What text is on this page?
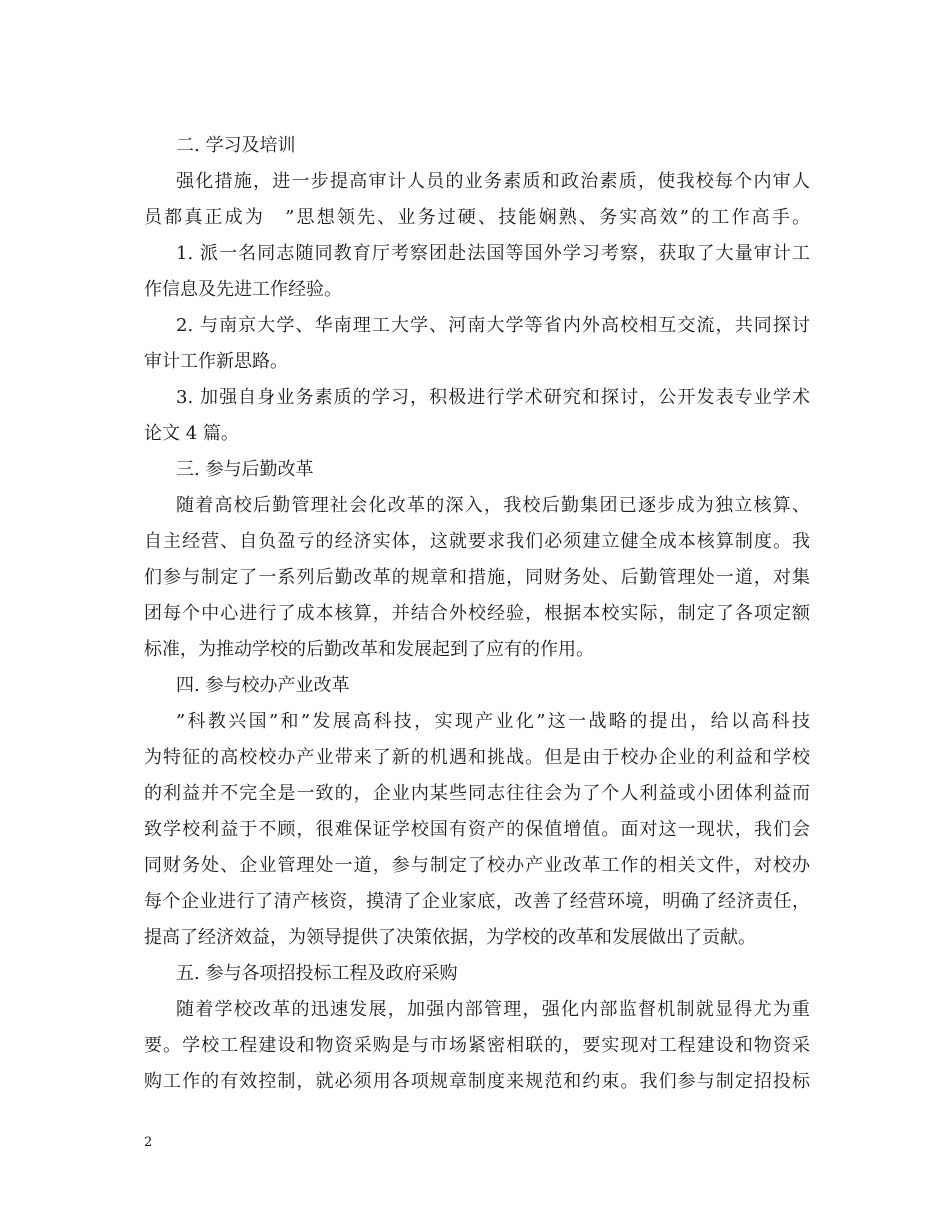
二. 学习及培训
强化措施，进一步提高审计人员的业务素质和政治素质，使我校每个内审人
员都真正成为　”思想领先、业务过硬、技能娴熟、务实高效”的工作高手。
1. 派一名同志随同教育厅考察团赴法国等国外学习考察，获取了大量审计工
作信息及先进工作经验。
2. 与南京大学、华南理工大学、河南大学等省内外高校相互交流，共同探讨
审计工作新思路。
3. 加强自身业务素质的学习，积极进行学术研究和探讨，公开发表专业学术
论文 4 篇。
三. 参与后勤改革
随着高校后勤管理社会化改革的深入，我校后勤集团已逐步成为独立核算、
自主经营、自负盈亏的经济实体，这就要求我们必须建立健全成本核算制度。我
们参与制定了一系列后勤改革的规章和措施，同财务处、后勤管理处一道，对集
团每个中心进行了成本核算，并结合外校经验，根据本校实际，制定了各项定额
标准，为推动学校的后勤改革和发展起到了应有的作用。
四. 参与校办产业改革
”科教兴国”和”发展高科技，实现产业化”这一战略的提出，给以高科技
为特征的高校校办产业带来了新的机遇和挑战。但是由于校办企业的利益和学校
的利益并不完全是一致的，企业内某些同志往往会为了个人利益或小团体利益而
致学校利益于不顾，很难保证学校国有资产的保值增值。面对这一现状，我们会
同财务处、企业管理处一道，参与制定了校办产业改革工作的相关文件，对校办
每个企业进行了清产核资，摸清了企业家底，改善了经营环境，明确了经济责任，
提高了经济效益，为领导提供了决策依据，为学校的改革和发展做出了贡献。
五. 参与各项招投标工程及政府采购
随着学校改革的迅速发展，加强内部管理，强化内部监督机制就显得尤为重
要。学校工程建设和物资采购是与市场紧密相联的，要实现对工程建设和物资采
购工作的有效控制，就必须用各项规章制度来规范和约束。我们参与制定招投标
2
